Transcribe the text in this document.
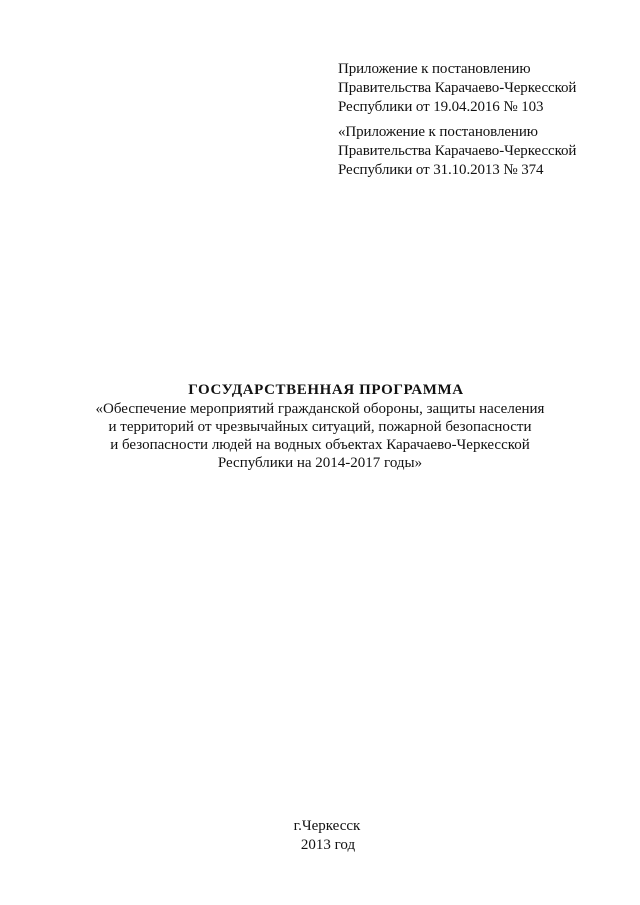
Приложение к постановлению
Правительства Карачаево-Черкесской
Республики от 19.04.2016 № 103
«Приложение к постановлению
Правительства Карачаево-Черкесской
Республики от 31.10.2013 № 374
ГОСУДАРСТВЕННАЯ ПРОГРАММА
«Обеспечение мероприятий гражданской обороны, защиты населения
и территорий от чрезвычайных ситуаций, пожарной безопасности
и безопасности людей на водных объектах Карачаево-Черкесской
Республики на 2014-2017 годы»
г.Черкесск
2013 год
